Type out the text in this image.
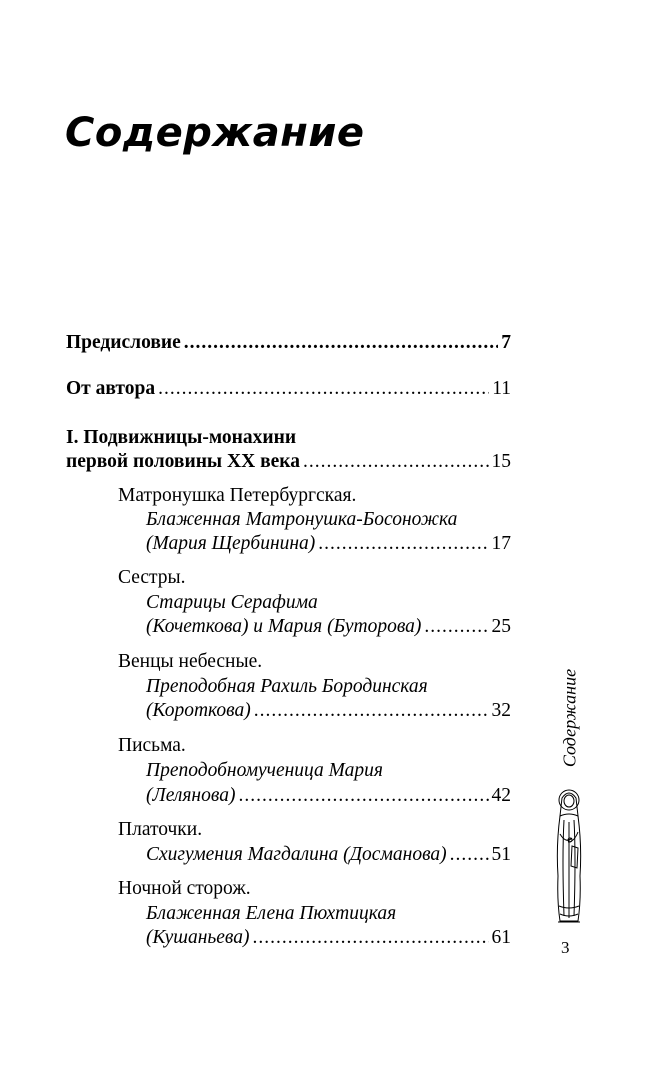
Содержание
Предисловие .....	7
От автора .....	11
I. Подвижницы-монахини
первой половины XX века .....	15
Матронушка Петербургская.
Блаженная Матронушка-Босоножка
(Мария Щербинина) .....	17
Сестры.
Старицы Серафима
(Кочеткова) и Мария (Буторова) .....	25
Венцы небесные.
Преподобная Рахиль Бородинская
(Короткова) .....	32
Письма.
Преподобномученица Мария
(Лелянова) .....	42
Платочки.
Схигумения Магдалина (Досманова) ..... 51
Ночной сторож.
Блаженная Елена Пюхтицкая
(Кушаньева) .....	61
Содержание
3
